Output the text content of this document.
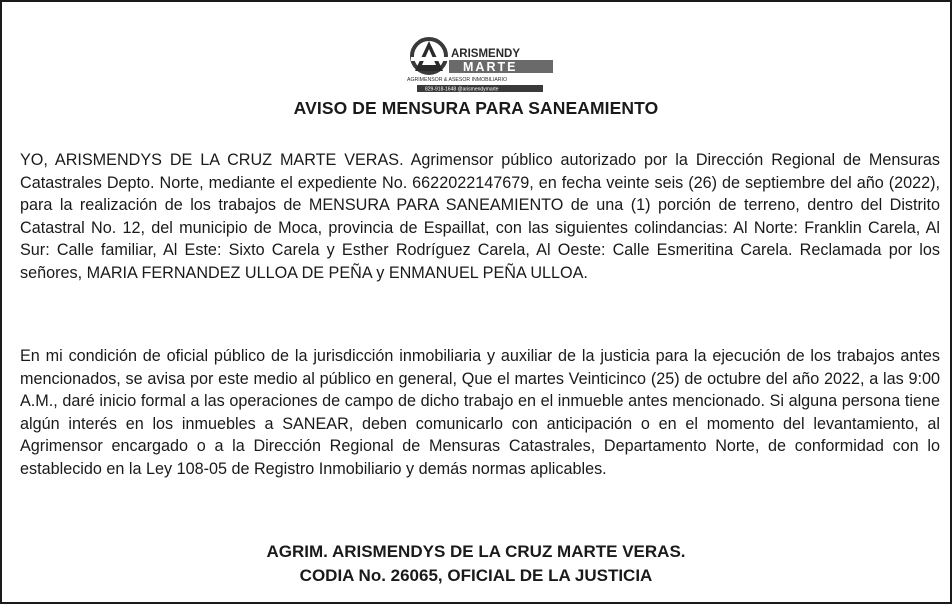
ARISMENDY
MARTE
AGRIMENSOR & ASESOR INMOBILIARIO
829-918-1648 @arismendymarte
AVISO DE MENSURA PARA SANEAMIENTO

YO, ARISMENDYS DE LA CRUZ MARTE VERAS. Agrimensor público autorizado por la Dirección Regional de Mensuras Catastrales Depto. Norte, mediante el expediente No. 6622022147679, en fecha veinte seis (26) de septiembre del año (2022), para la realización de los trabajos de MENSURA PARA SANEAMIENTO de una (1) porción de terreno, dentro del Distrito Catastral No. 12, del municipio de Moca, provincia de Espaillat, con las siguientes colindancias: Al Norte: Franklin Carela, Al Sur: Calle familiar, Al Este: Sixto Carela y Esther Rodríguez Carela, Al Oeste: Calle Esmeritina Carela. Reclamada por los señores, MARIA FERNANDEZ ULLOA DE PEÑA y ENMANUEL PEÑA ULLOA.

En mi condición de oficial público de la jurisdicción inmobiliaria y auxiliar de la justicia para la ejecución de los trabajos antes mencionados, se avisa por este medio al público en general, Que el martes Veinticinco (25) de octubre del año 2022, a las 9:00 A.M., daré inicio formal a las operaciones de campo de dicho trabajo en el inmueble antes mencionado. Si alguna persona tiene algún interés en los inmuebles a SANEAR, deben comunicarlo con anticipación o en el momento del levantamiento, al Agrimensor encargado o a la Dirección Regional de Mensuras Catastrales, Departamento Norte, de conformidad con lo establecido en la Ley 108-05 de Registro Inmobiliario y demás normas aplicables.

AGRIM. ARISMENDYS DE LA CRUZ MARTE VERAS.
CODIA No. 26065, OFICIAL DE LA JUSTICIA
